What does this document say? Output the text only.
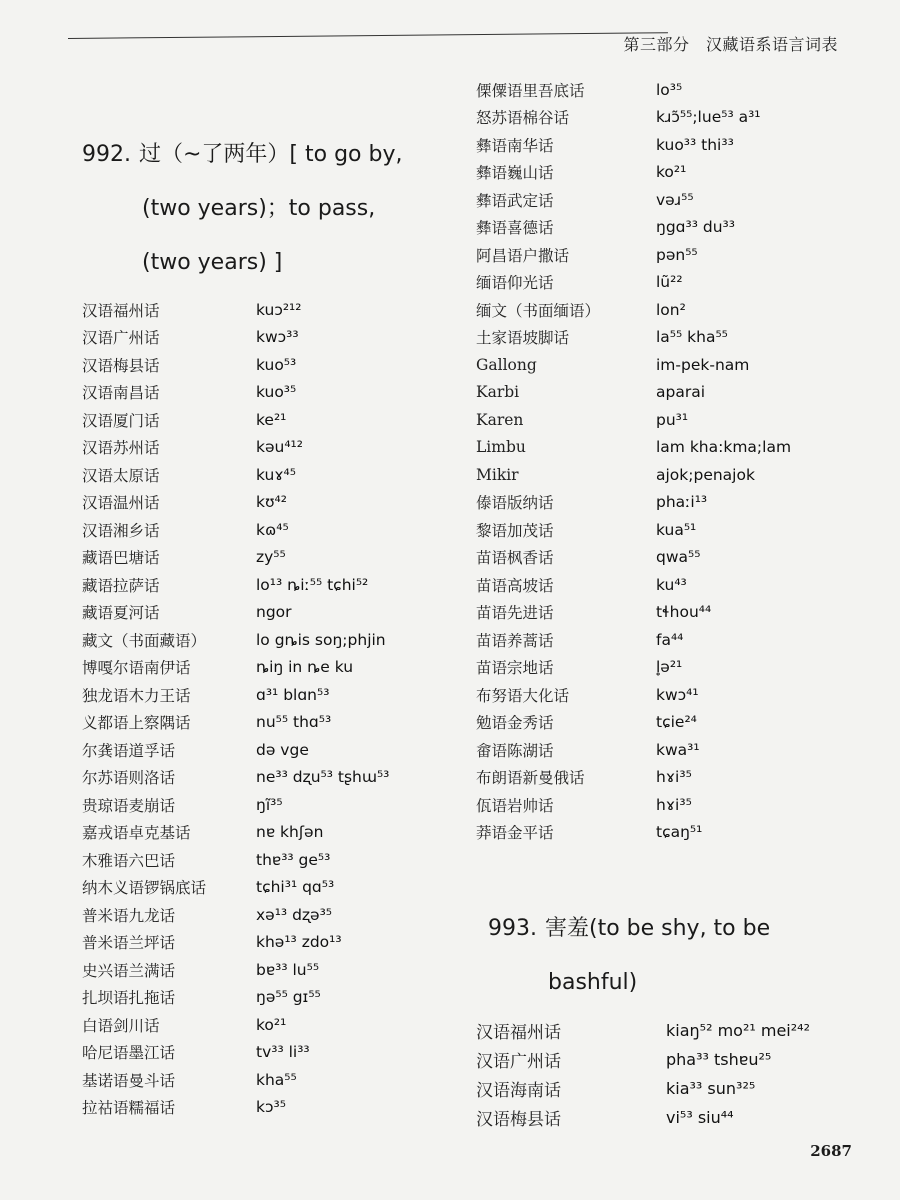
第三部分　汉藏语系语言词表
992. 过（~了两年）[ to go by,
(two years)；to pass,
(two years) ]
汉语福州话	kuɔ²¹²
汉语广州话	kwɔ³³
汉语梅县话	kuo⁵³
汉语南昌话	kuo³⁵
汉语厦门话	ke²¹
汉语苏州话	kəu⁴¹²
汉语太原话	kuɤ⁴⁵
汉语温州话	kʊ⁴²
汉语湘乡话	kɷ⁴⁵
藏语巴塘话	zy⁵⁵
藏语拉萨话	lo¹³ ȵiː⁵⁵ tɕhi⁵²
藏语夏河话	ngor
藏文（书面藏语）	lo gȵis soŋ;phjin
博嘎尔语南伊话	ȵiŋ in ȵe ku
独龙语木力王话	ɑ³¹ blɑn⁵³
义都语上察隅话	nu⁵⁵ thɑ⁵³
尔龚语道孚话	də vge
尔苏语则洛话	ne³³ dʐu⁵³ tʂhɯ⁵³
贵琼语麦崩话	ŋĩ³⁵
嘉戎语卓克基话	nɐ khʃən
木雅语六巴话	thɐ³³ ge⁵³
纳木义语锣锅底话	tɕhi³¹ qɑ⁵³
普米语九龙话	xə¹³ dʐə³⁵
普米语兰坪话	khə¹³ zdo¹³
史兴语兰满话	bɐ³³ lu⁵⁵
扎坝语扎拖话	ŋə⁵⁵ gɪ⁵⁵
白语剑川话	ko²¹
哈尼语墨江话	tv³³ li³³
基诺语曼斗话	kha⁵⁵
拉祜语糯福话	kɔ³⁵
傈僳语里吾底话	lo³⁵
怒苏语棉谷话	kɹɔ̃⁵⁵;lue⁵³ a³¹
彝语南华话	kuo³³ thi³³
彝语巍山话	ko²¹
彝语武定话	vəɹ⁵⁵
彝语喜德话	ŋgɑ³³ du³³
阿昌语户撒话	pən⁵⁵
缅语仰光话	lũ²²
缅文（书面缅语）	lon²
土家语坡脚话	la⁵⁵ kha⁵⁵
Gallong	im-pek-nam
Karbi	aparai
Karen	pu³¹
Limbu	lam kha:kma;lam
Mikir	ajok;penajok
傣语版纳话	phaːi¹³
黎语加茂话	kua⁵¹
苗语枫香话	qwa⁵⁵
苗语高坡话	ku⁴³
苗语先进话	tɬhou⁴⁴
苗语养蒿话	fa⁴⁴
苗语宗地话	l̥ə²¹
布努语大化话	kwɔ⁴¹
勉语金秀话	tɕie²⁴
畲语陈湖话	kwa³¹
布朗语新曼俄话	hɤi³⁵
佤语岩帅话	hɤi³⁵
莽语金平话	tɕaŋ⁵¹
993. 害羞(to be shy, to be
bashful)
汉语福州话	kiaŋ⁵² mo²¹ mei²⁴²
汉语广州话	pha³³ tshɐu²⁵
汉语海南话	kia³³ sun³²⁵
汉语梅县话	vi⁵³ siu⁴⁴
2687
